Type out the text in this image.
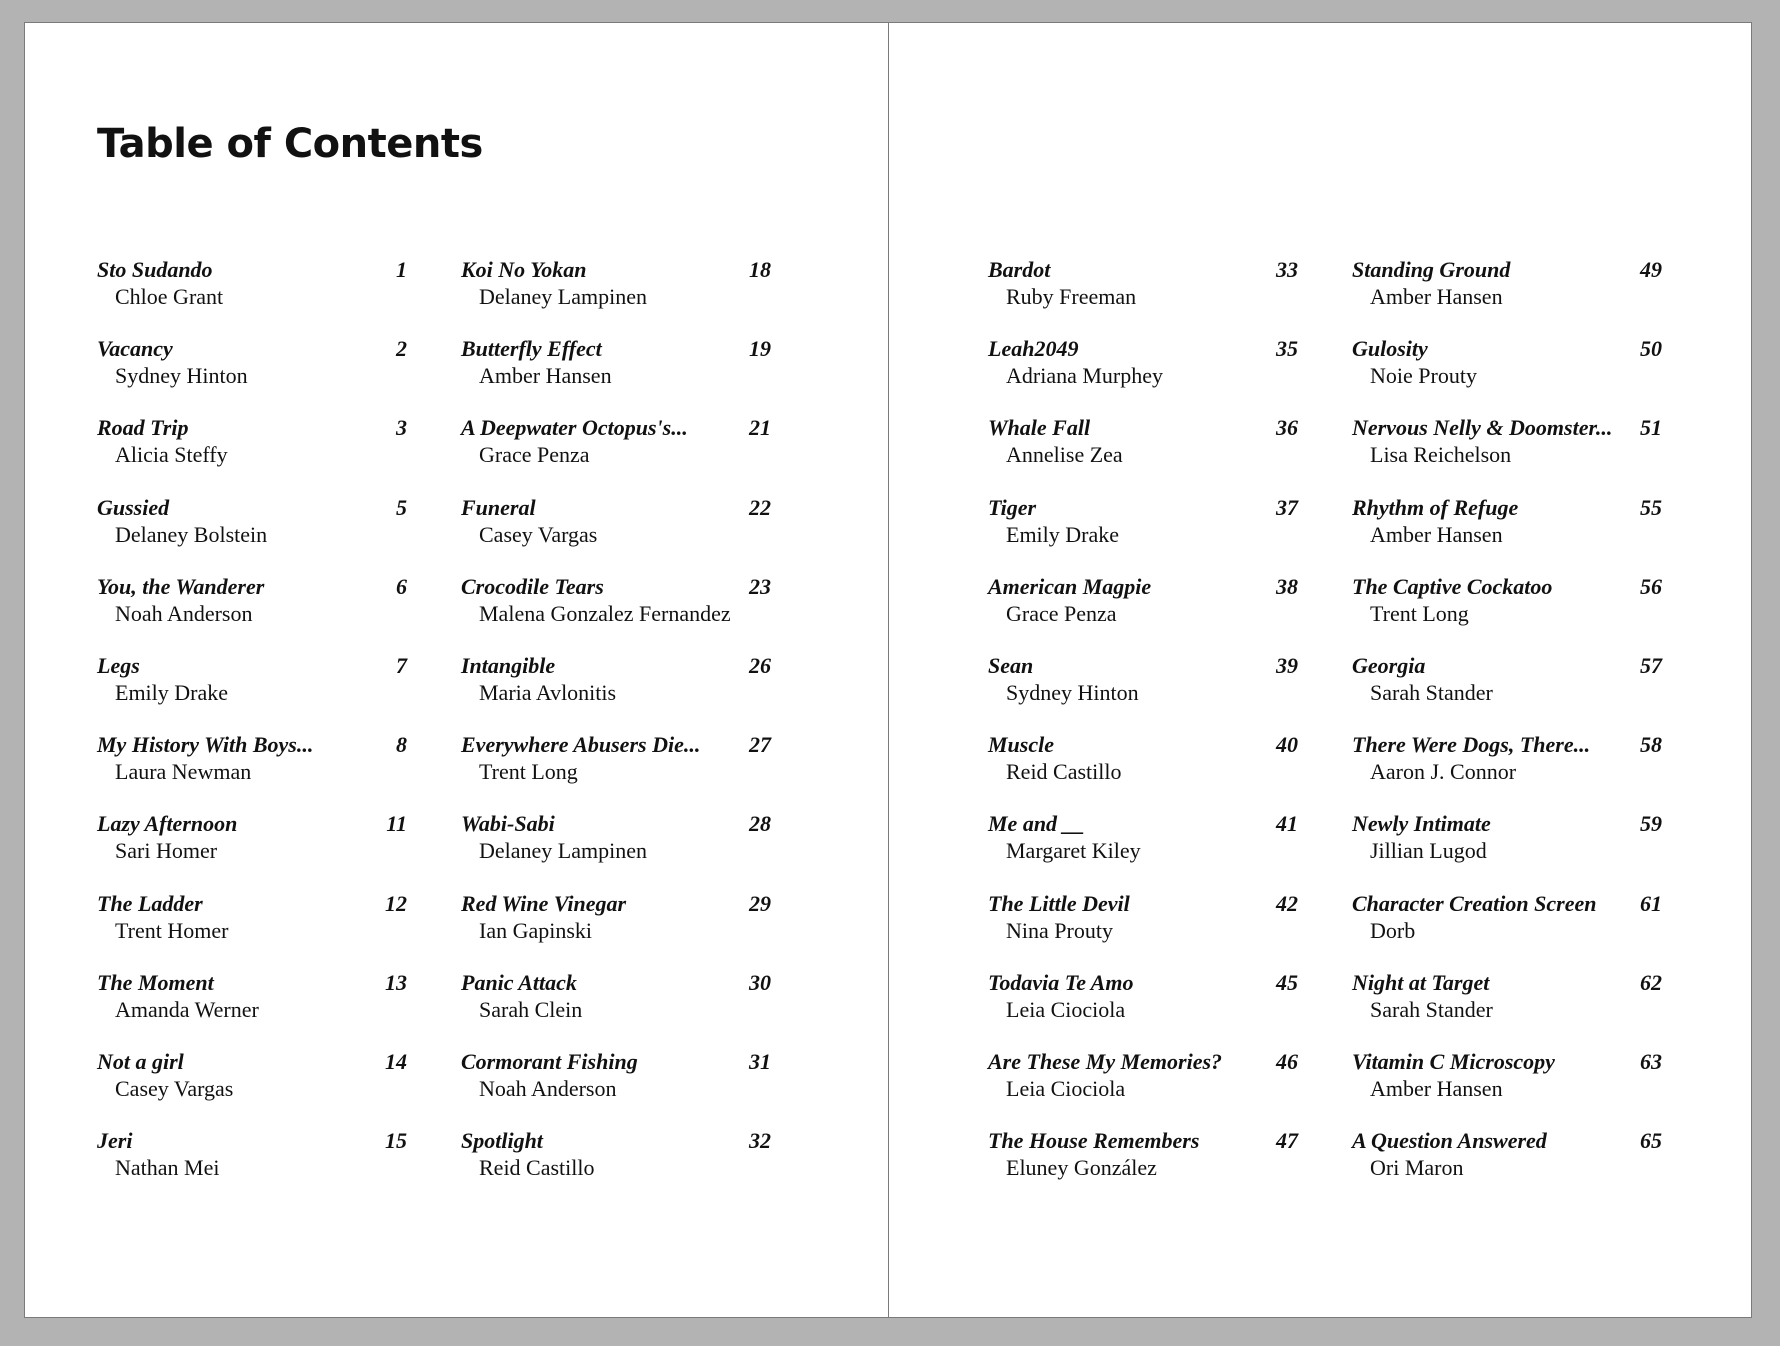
Table of Contents
Sto Sudando	1
Chloe Grant
Vacancy	2
Sydney Hinton
Road Trip	3
Alicia Steffy
Gussied	5
Delaney Bolstein
You, the Wanderer	6
Noah Anderson
Legs	7
Emily Drake
My History With Boys...	8
Laura Newman
Lazy Afternoon	11
Sari Homer
The Ladder	12
Trent Homer
The Moment	13
Amanda Werner
Not a girl	14
Casey Vargas
Jeri	15
Nathan Mei
Koi No Yokan	18
Delaney Lampinen
Butterfly Effect	19
Amber Hansen
A Deepwater Octopus's...	21
Grace Penza
Funeral	22
Casey Vargas
Crocodile Tears	23
Malena Gonzalez Fernandez
Intangible	26
Maria Avlonitis
Everywhere Abusers Die... 27
Trent Long
Wabi-Sabi	28
Delaney Lampinen
Red Wine Vinegar	29
Ian Gapinski
Panic Attack	30
Sarah Clein
Cormorant Fishing	31
Noah Anderson
Spotlight	32
Reid Castillo
Bardot	33
Ruby Freeman
Leah2049	35
Adriana Murphey
Whale Fall	36
Annelise Zea
Tiger	37
Emily Drake
American Magpie	38
Grace Penza
Sean	39
Sydney Hinton
Muscle	40
Reid Castillo
Me and __	41
Margaret Kiley
The Little Devil	42
Nina Prouty
Todavia Te Amo	45
Leia Ciociola
Are These My Memories? 46
Leia Ciociola
The House Remembers	47
Eluney González
Standing Ground	49
Amber Hansen
Gulosity	50
Noie Prouty
Nervous Nelly & Doomster... 51
Lisa Reichelson
Rhythm of Refuge	55
Amber Hansen
The Captive Cockatoo	56
Trent Long
Georgia	57
Sarah Stander
There Were Dogs, There... 58
Aaron J. Connor
Newly Intimate	59
Jillian Lugod
Character Creation Screen 61
Dorb
Night at Target	62
Sarah Stander
Vitamin C Microscopy	63
Amber Hansen
A Question Answered	65
Ori Maron
